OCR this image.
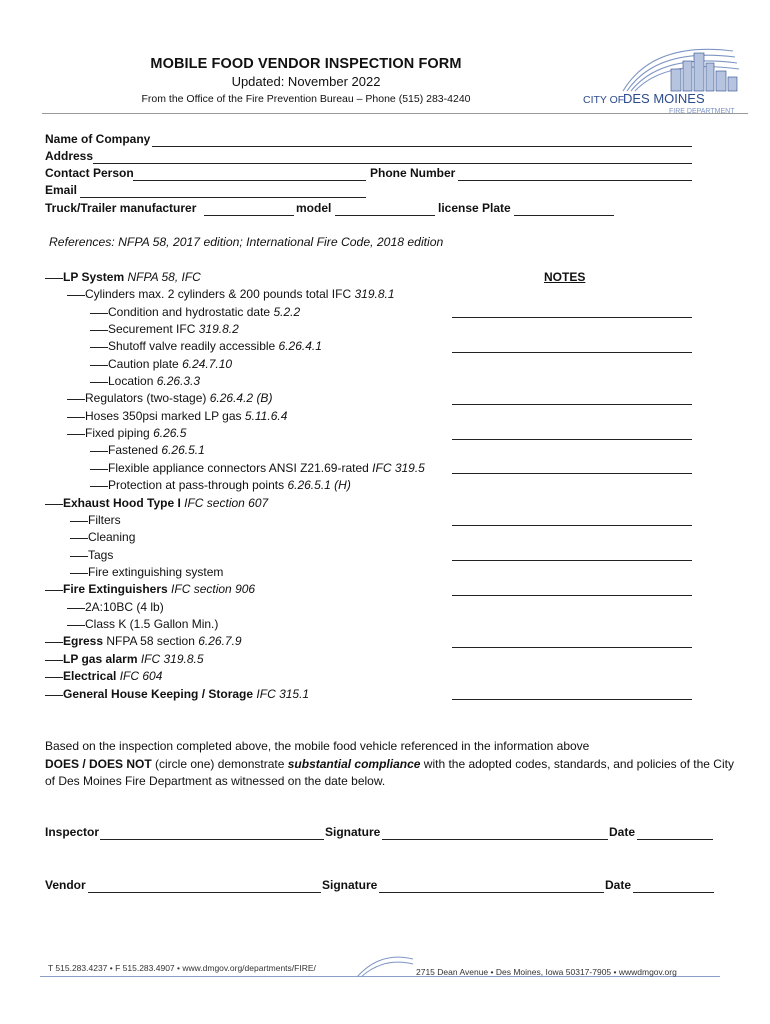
MOBILE FOOD VENDOR INSPECTION FORM
Updated: November 2022
From the Office of the Fire Prevention Bureau – Phone (515) 283-4240	CITY OF
DES MOINES
FIRE DEPARTMENT
Name of Company
Address
Contact Person	Phone Number
Email
Truck/Trailer manufacturer	model	license Plate
References: NFPA 58, 2017 edition; International Fire Code, 2018 edition
NOTES
LP System NFPA 58, IFC
Cylinders max. 2 cylinders & 200 pounds total IFC 319.8.1
Condition and hydrostatic date 5.2.2
Securement IFC 319.8.2
Shutoff valve readily accessible 6.26.4.1
Caution plate 6.24.7.10
Location 6.26.3.3
Regulators (two-stage) 6.26.4.2 (B)
Hoses 350psi marked LP gas 5.11.6.4
Fixed piping 6.26.5
Fastened 6.26.5.1
Flexible appliance connectors ANSI Z21.69-rated IFC 319.5
Protection at pass-through points 6.26.5.1 (H)
Exhaust Hood Type I IFC section 607
Filters
Cleaning
Tags
Fire extinguishing system
Fire Extinguishers IFC section 906
2A:10BC (4 lb)
Class K (1.5 Gallon Min.)
Egress NFPA 58 section 6.26.7.9
LP gas alarm IFC 319.8.5
Electrical IFC 604
General House Keeping / Storage IFC 315.1
Based on the inspection completed above, the mobile food vehicle referenced in the information above
DOES / DOES NOT (circle one) demonstrate substantial compliance with the adopted codes, standards, and policies of the City of Des Moines Fire Department as witnessed on the date below.
Inspector	Signature	Date
Vendor	Signature	Date
T 515.283.4237 • F 515.283.4907 • www.dmgov.org/departments/FIRE/	2715 Dean Avenue • Des Moines, Iowa 50317-7905 • wwwdmgov.org
